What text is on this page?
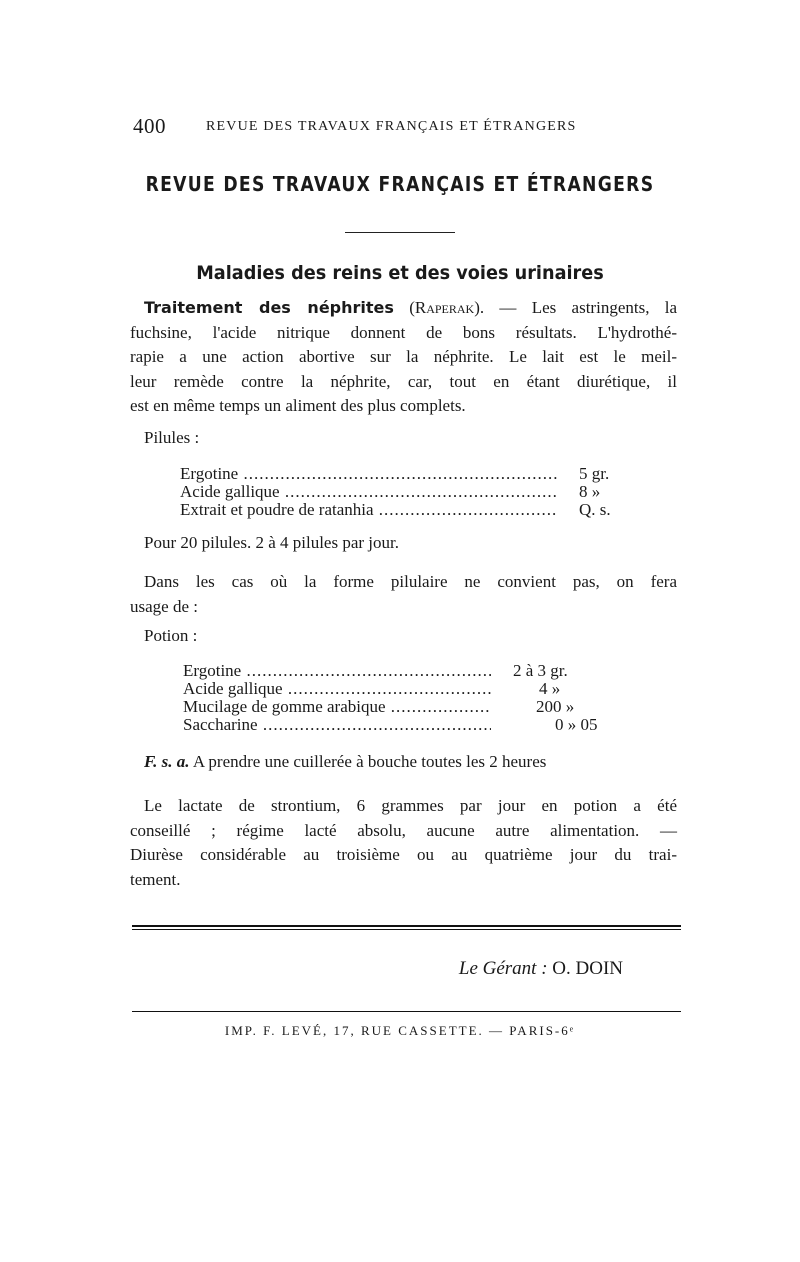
400	REVUE DES TRAVAUX FRANÇAIS ET ÉTRANGERS
REVUE DES TRAVAUX FRANÇAIS ET ÉTRANGERS
Maladies des reins et des voies urinaires
Traitement des néphrites (Raperak). — Les astringents, la
fuchsine, l'acide nitrique donnent de bons résultats. L'hydrothé-
rapie a une action abortive sur la néphrite. Le lait est le meil-
leur remède contre la néphrite, car, tout en étant diurétique, il
est en même temps un aliment des plus complets.
Pilules :
Ergotine .....	5 gr.
Acide gallique .....	8 »
Extrait et poudre de ratanhia .....	Q. s.
Pour 20 pilules. 2 à 4 pilules par jour.
Dans les cas où la forme pilulaire ne convient pas, on fera
usage de :
Potion :
Ergotine .....	2 à 3 gr.
Acide gallique .....	4 »
Mucilage de gomme arabique .....	200 »
Saccharine .....	0 » 05
F. s. a. A prendre une cuillerée à bouche toutes les 2 heures
Le lactate de strontium, 6 grammes par jour en potion a été
conseillé ; régime lacté absolu, aucune autre alimentation. —
Diurèse considérable au troisième ou au quatrième jour du trai-
tement.
Le Gérant : O. DOIN
IMP. F. LEVÉ, 17, RUE CASSETTE. — PARIS-6ᵉ
